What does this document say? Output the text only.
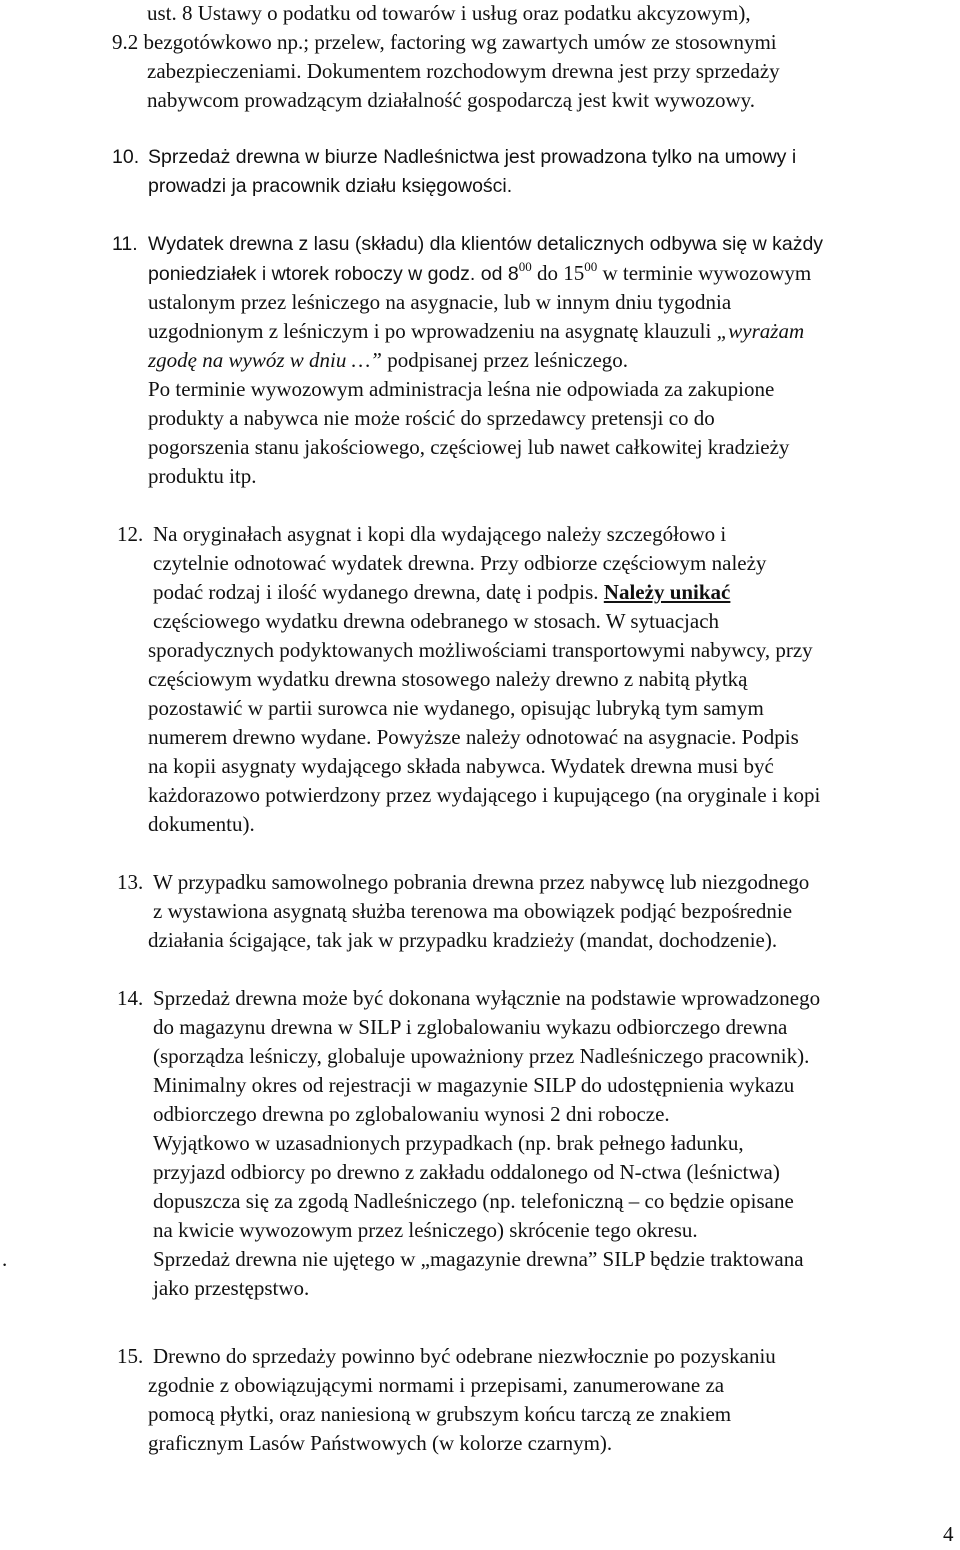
ust. 8 Ustawy o podatku od towarów i usług oraz podatku akcyzowym),
9.2 bezgotówkowo np.; przelew, factoring wg zawartych umów ze stosownymi
zabezpieczeniami. Dokumentem rozchodowym drewna jest przy sprzedaży
nabywcom prowadzącym działalność gospodarczą jest kwit wywozowy.
10. Sprzedaż drewna w biurze Nadleśnictwa jest prowadzona tylko na umowy i
prowadzi ja pracownik działu księgowości.
11. Wydatek drewna z lasu (składu) dla klientów detalicznych odbywa się w każdy
poniedziałek i wtorek roboczy w godz. od $8^{00}$ do $15^{00}$ w terminie wywozowym
ustalonym przez leśniczego na asygnacie, lub w innym dniu tygodnia
uzgodnionym z leśniczym i po wprowadzeniu na asygnatę klauzuli „wyrażam
zgodę na wywóz w dniu …” podpisanej przez leśniczego.
Po terminie wywozowym administracja leśna nie odpowiada za zakupione
produkty a nabywca nie może rościć do sprzedawcy pretensji co do
pogorszenia stanu jakościowego, częściowej lub nawet całkowitej kradzieży
produktu itp.
12. Na oryginałach asygnat i kopi dla wydającego należy szczegółowo i
czytelnie odnotować wydatek drewna. Przy odbiorze częściowym należy
podać rodzaj i ilość wydanego drewna, datę i podpis. Należy unikać
częściowego wydatku drewna odebranego w stosach. W sytuacjach
sporadycznych podyktowanych możliwościami transportowymi nabywcy, przy
częściowym wydatku drewna stosowego należy drewno z nabitą płytką
pozostawić w partii surowca nie wydanego, opisując lubryką tym samym
numerem drewno wydane. Powyższe należy odnotować na asygnacie. Podpis
na kopii asygnaty wydającego składa nabywca. Wydatek drewna musi być
każdorazowo potwierdzony przez wydającego i kupującego (na oryginale i kopi
dokumentu).
13. W przypadku samowolnego pobrania drewna przez nabywcę lub niezgodnego
z wystawiona asygnatą służba terenowa ma obowiązek podjąć bezpośrednie
działania ścigające, tak jak w przypadku kradzieży (mandat, dochodzenie).
14. Sprzedaż drewna może być dokonana wyłącznie na podstawie wprowadzonego
do magazynu drewna w SILP i zglobalowaniu wykazu odbiorczego drewna
(sporządza leśniczy, globaluje upoważniony przez Nadleśniczego pracownik).
Minimalny okres od rejestracji w magazynie SILP do udostępnienia wykazu
odbiorczego drewna po zglobalowaniu wynosi 2 dni robocze.
Wyjątkowo w uzasadnionych przypadkach (np. brak pełnego ładunku,
przyjazd odbiorcy po drewno z zakładu oddalonego od N-ctwa (leśnictwa)
dopuszcza się za zgodą Nadleśniczego (np. telefoniczną – co będzie opisane
na kwicie wywozowym przez leśniczego) skrócenie tego okresu.
.	Sprzedaż drewna nie ujętego w „magazynie drewna” SILP będzie traktowana
jako przestępstwo.
15. Drewno do sprzedaży powinno być odebrane niezwłocznie po pozyskaniu
zgodnie z obowiązującymi normami i przepisami, zanumerowane za
pomocą płytki, oraz naniesioną w grubszym końcu tarczą ze znakiem
graficznym Lasów Państwowych (w kolorze czarnym).
4
